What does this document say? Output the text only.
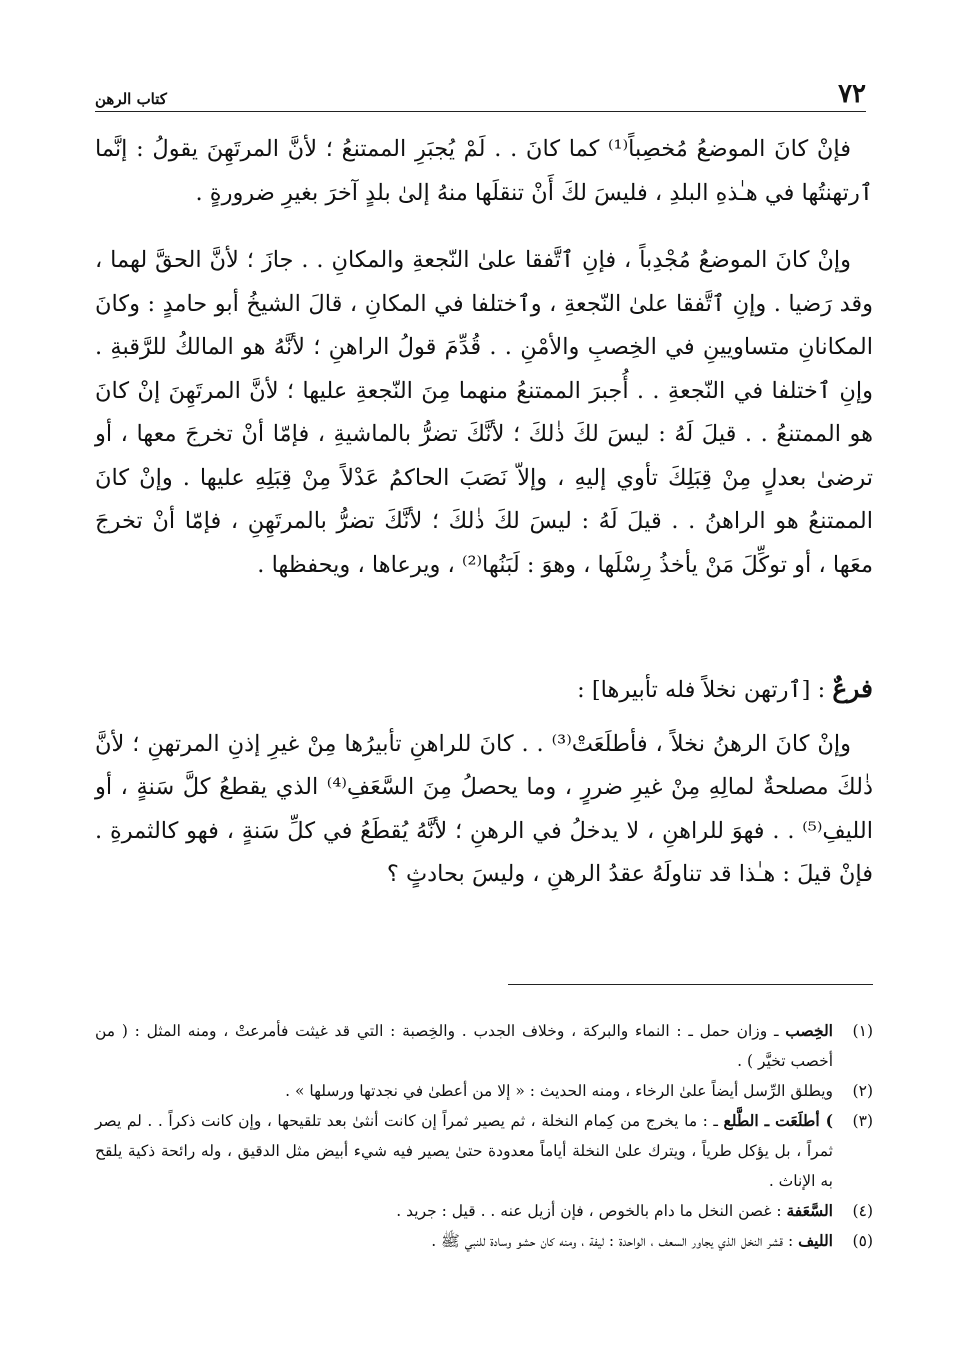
٧٢
كتاب الرهن

فإنْ كانَ الموضعُ مُخصِباً⁽¹⁾ كما كانَ . . لَمْ يُجبَرِ الممتنعُ ؛ لأنَّ المرتَهِنَ يقولُ : إنَّما ٱرتهنتُها في هـٰذهِ البلدِ ، فليسَ لكَ أَنْ تنقلَها منهُ إلىٰ بلدٍ آخرَ بغيرِ ضرورةٍ .

وإنْ كانَ الموضعُ مُجْدِباً ، فإنِ ٱتَّفقا علىٰ النّجعةِ والمكانِ . . جازَ ؛ لأنَّ الحقَّ لهما ، وقد رَضيا . وإنِ ٱتَّفقا علىٰ النّجعةِ ، وٱختلفا في المكانِ ، قالَ الشيخُ أبو حامدٍ : وكانَ المكانانِ متساويينِ في الخِصبِ والأمْنِ . . قُدِّمَ قولُ الراهنِ ؛ لأنَّهُ هو المالكُ للرَّقبةِ . وإنِ ٱختلفا في النّجعةِ . . أُجبرَ الممتنعُ منهما مِنَ النّجعةِ عليها ؛ لأنَّ المرتَهِنَ إنْ كانَ هو الممتنعُ . . قيلَ لَهُ : ليسَ لكَ ذٰلكَ ؛ لأنَّكَ تضرُّ بالماشيةِ ، فإمّا أنْ تخرجَ معها ، أو ترضىٰ بعدلٍ مِنْ قِبَلِكَ تأوي إليهِ ، وإلاّ نَصَبَ الحاكمُ عَدْلاً مِنْ قِبَلِهِ عليها . وإنْ كانَ الممتنعُ هو الراهنُ . . قيلَ لَهُ : ليسَ لكَ ذٰلكَ ؛ لأنَّكَ تضرُّ بالمرتَهِنِ ، فإمّا أنْ تخرجَ معَها ، أو توكِّلَ مَنْ يأخذُ رِسْلَها ، وهوَ : لَبَنُها⁽²⁾ ، ويرعاها ، ويحفظها .

فرعٌ : [ٱرتهن نخلاً فله تأبيرها] :

وإنْ كانَ الرهنُ نخلاً ، فأطلَعَتْ⁽³⁾ . . كانَ للراهنِ تأبيرُها مِنْ غيرِ إذنِ المرتهنِ ؛ لأنَّ ذٰلكَ مصلحةٌ لمالِهِ مِنْ غيرِ ضررٍ ، وما يحصلُ مِنَ السَّعَفِ⁽⁴⁾ الذي يقطعُ كلَّ سَنةٍ ، أو الليفِ⁽⁵⁾ . . فهوَ للراهنِ ، لا يدخلُ في الرهنِ ؛ لأنَّهُ يُقطَعُ في كلِّ سَنةٍ ، فهو كالثمرةِ . فإنْ قيلَ : هـٰذا قد تناولَهُ عقدُ الرهنِ ، وليسَ بحادثٍ ؟

(١)
الخِصب ـ وزان حمل ـ : النماء والبركة ، وخلاف الجدب . والخِصبة : التي قد غيثت فأمرعتْ ، ومنه المثل : ( من أخصب تخيَّر ) .
(٢)
ويطلق الرِّسل أيضاً علىٰ الرخاء ، ومنه الحديث : « إلا من أعطىٰ في نجدتها ورسلها » .
(٣)
) أطلَعَت ـ الطَّلع ـ : ما يخرج من كِمام النخلة ، ثم يصير ثمراً إن كانت أنثىٰ بعد تلقيحها ، وإن كانت ذكراً . . لم يصر ثمراً ، بل يؤكل طرياً ، ويترك علىٰ النخلة أياماً معدودة حتىٰ يصير فيه شيء أبيض مثل الدقيق ، وله رائحة ذكية يلقح به الإناث .
(٤)
السَّعَفة : غصن النخل ما دام بالخوص ، فإن أزيل عنه . . قيل : جريد .
(٥)
الليف : قشر النخل الذي يجاور السعف ، الواحدة : ليفة ، ومنه كان حشو وسادة للنبي ﷺ .
